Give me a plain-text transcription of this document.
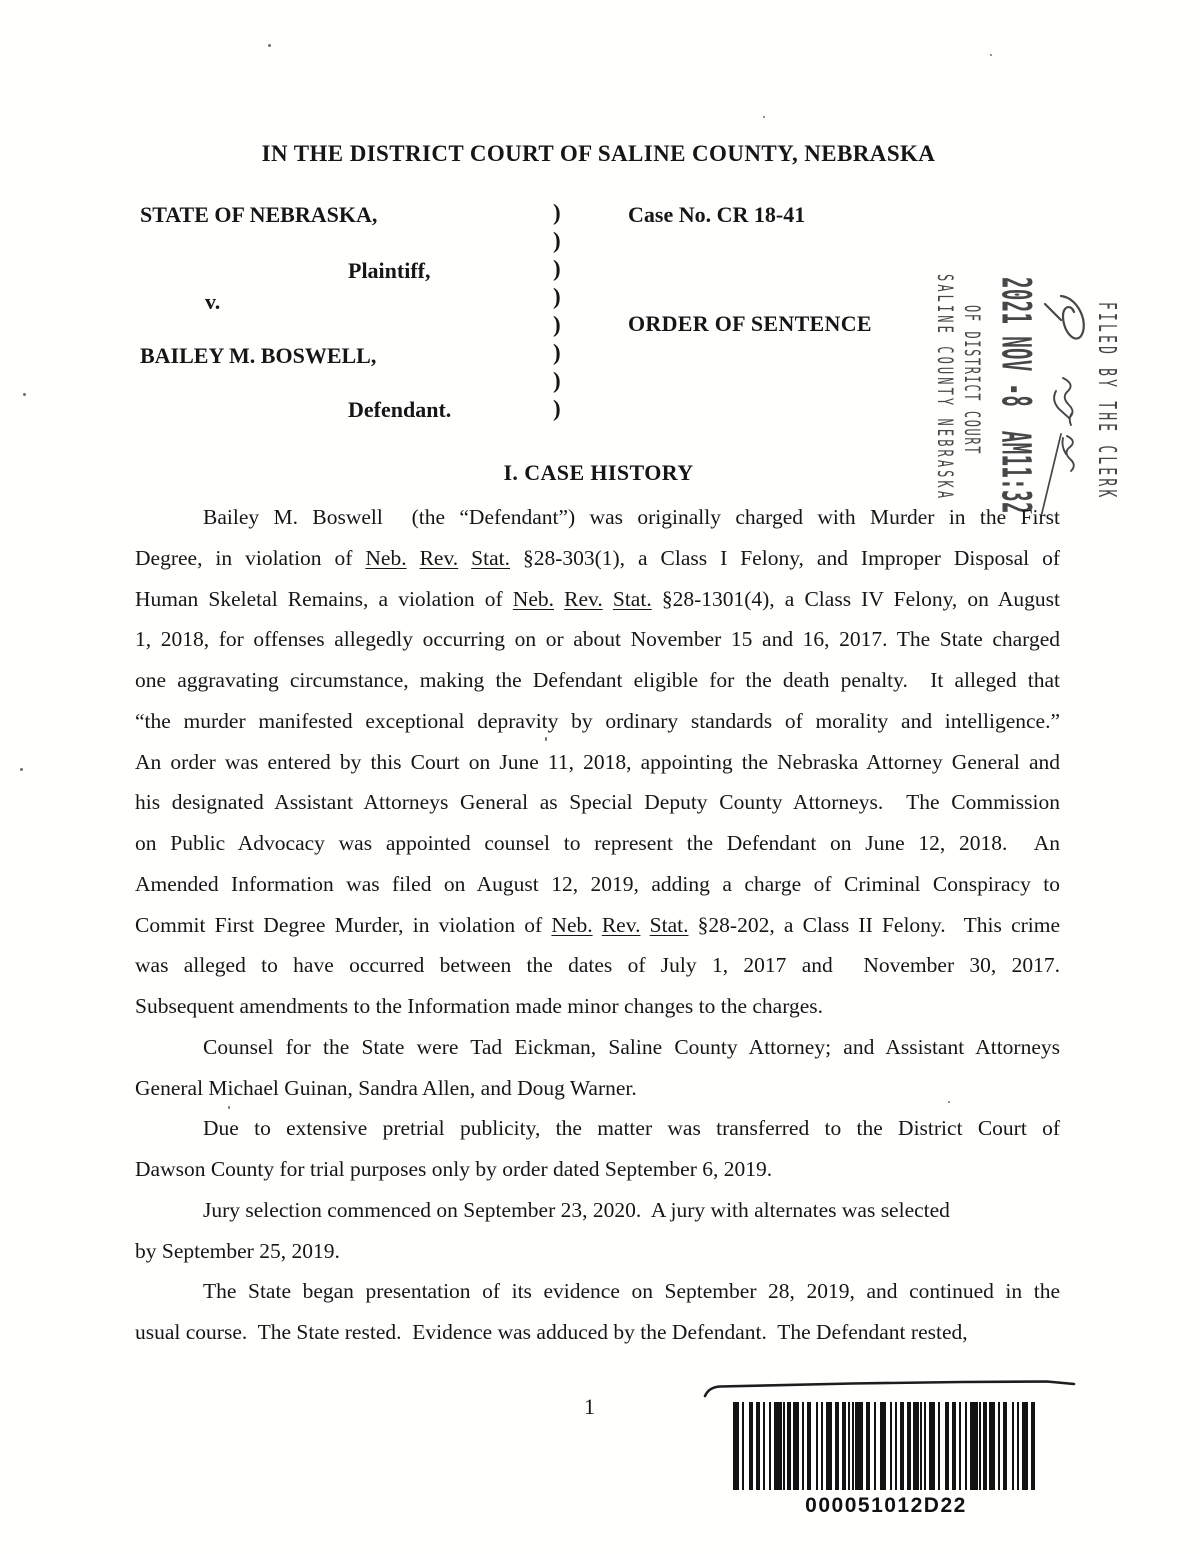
IN THE DISTRICT COURT OF SALINE COUNTY, NEBRASKA
STATE OF NEBRASKA,	Case No. CR 18-41
Plaintiff,
v.
ORDER OF SENTENCE
BAILEY M. BOSWELL,
Defendant.
)
)
)
)
)
)
)
)	FILED BY THE CLERK
2021 NOV -8  AM11:32
OF DISTRICT COURT
SALINE COUNTY NEBRASKA
I. CASE HISTORY
Bailey M. Boswell  (the “Defendant”) was originally charged with Murder in the First
Degree, in violation of Neb. Rev. Stat. §28-303(1), a Class I Felony, and Improper Disposal of
Human Skeletal Remains, a violation of Neb. Rev. Stat. §28-1301(4), a Class IV Felony, on August
1, 2018, for offenses allegedly occurring on or about November 15 and 16, 2017. The State charged
one aggravating circumstance, making the Defendant eligible for the death penalty.  It alleged that
“the murder manifested exceptional depravity by ordinary standards of morality and intelligence.”
An order was entered by this Court on June 11, 2018, appointing the Nebraska Attorney General and
his designated Assistant Attorneys General as Special Deputy County Attorneys.  The Commission
on Public Advocacy was appointed counsel to represent the Defendant on June 12, 2018.  An
Amended Information was filed on August 12, 2019, adding a charge of Criminal Conspiracy to
Commit First Degree Murder, in violation of Neb. Rev. Stat. §28-202, a Class II Felony.  This crime
was alleged to have occurred between the dates of July 1, 2017 and  November 30, 2017.
Subsequent amendments to the Information made minor changes to the charges.
Counsel for the State were Tad Eickman, Saline County Attorney; and Assistant Attorneys
General Michael Guinan, Sandra Allen, and Doug Warner.
Due to extensive pretrial publicity, the matter was transferred to the District Court of
Dawson County for trial purposes only by order dated September 6, 2019.
Jury selection commenced on September 23, 2020.  A jury with alternates was selected
by September 25, 2019.
The State began presentation of its evidence on September 28, 2019, and continued in the
usual course.  The State rested.  Evidence was adduced by the Defendant.  The Defendant rested,
1
000051012D22
